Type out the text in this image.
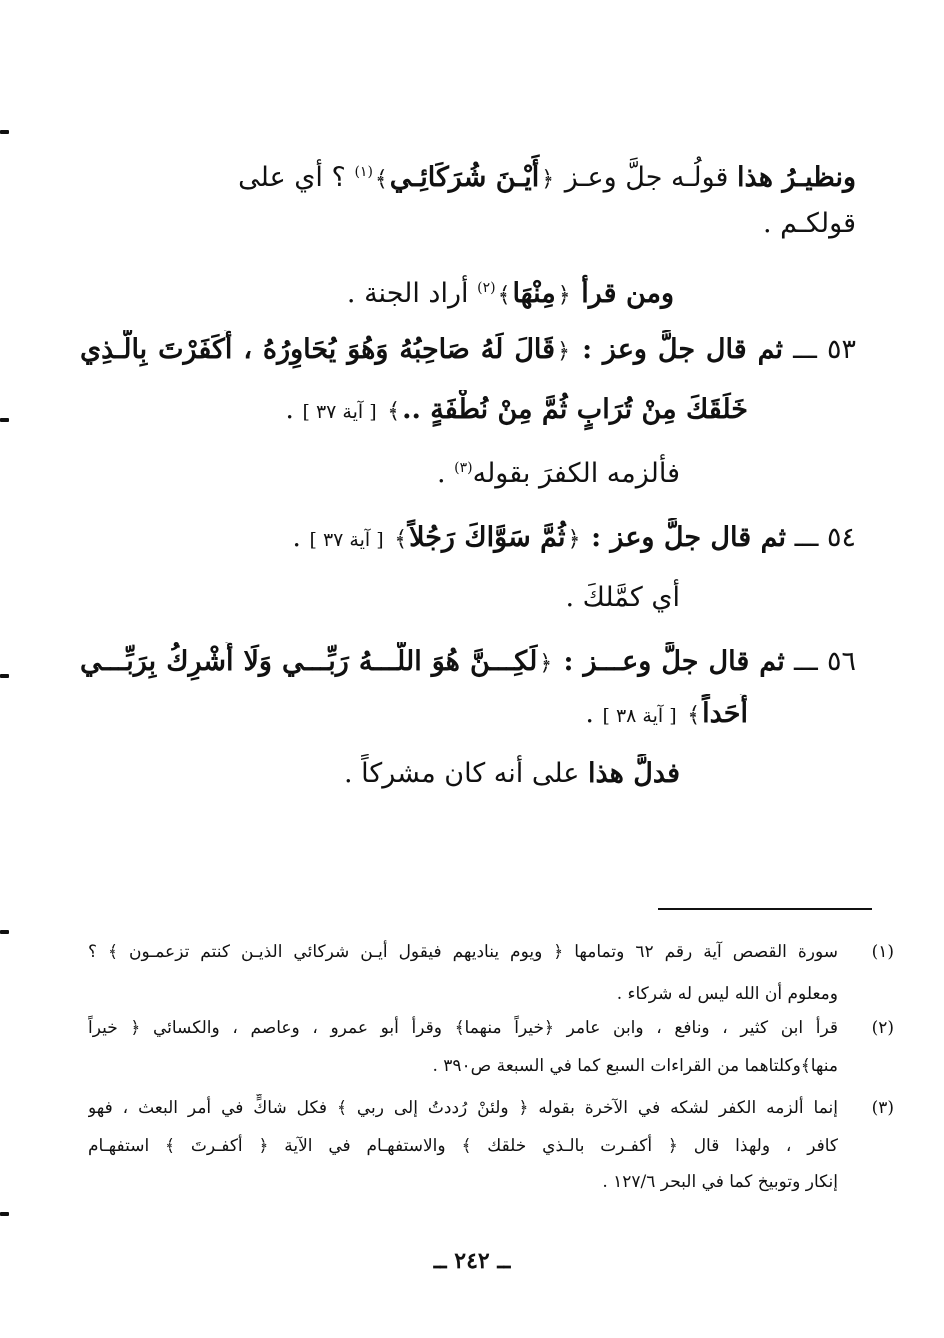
ونظيـرُ هذا قولُـه جلَّ وعـز ﴿أَيْـنَ شُرَكَائِـي﴾$^{(١)}$ ؟ أي على
قولكـم .
ومن قرأ ﴿مِنْهَا﴾$^{(٢)}$ أراد الجنة .
٥٣ ـــ ثم قال جلَّ وعز : ﴿قَالَ لَهُ صَاحِبُهُ وَهُوَ يُحَاوِرُهُ ، أَكَفَرْتَ بِالَّـذِي
خَلَقَكَ مِنْ تُرَابٍ ثُمَّ مِنْ نُطْفَةٍ ..﴾ [ آية ٣٧ ] .
فألزمه الكفرَ بقوله$^{(٣)}$ .
٥٤ ـــ ثم قال جلَّ وعز : ﴿ثُمَّ سَوَّاكَ رَجُلاً﴾ [ آية ٣٧ ] .
أي كمَّلكَ .
٥٦ ـــ ثم قال جلَّ وعـــز : ﴿لَكِـــنَّ هُوَ اللَّـــهُ رَبِّـــي وَلَا أُشْرِكُ بِرَبِّـــي
أَحَداً﴾ [ آية ٣٨ ] .
فدلَّ هذا على أنه كان مشركاً .
(١)
سورة القصص آية رقم ٦٢ وتمامها ﴿ ويوم يناديهم فيقول أيـن شركائي الذيـن كنتم تزعمـون ﴾ ؟
ومعلوم أن الله ليس له شركاء .
(٢)
قرأ ابن كثير ، ونافع ، وابن عامر ﴿خيراً منهما﴾ وقرأ أبو عمرو ، وعاصم ، والكسائي ﴿ خيراً
منها﴾وكلتاهما من القراءات السبع كما في السبعة ص٣٩٠ .
(٣)
إنما ألزمه الكفر لشكه في الآخرة بقوله ﴿ ولئنْ رُددتُ إلى ربي ﴾ فكل شاكٍّ في أمر البعث ، فهو
كافر ، ولهذا قال ﴿ أكفـرت بالـذي خلقك ﴾ والاستفهـام في الآية ﴿ أكفـرتَ ﴾ استفهـام
إنكار وتوبيخ كما في البحر ١٢٧/٦ .
ــ ٢٤٢ ــ
